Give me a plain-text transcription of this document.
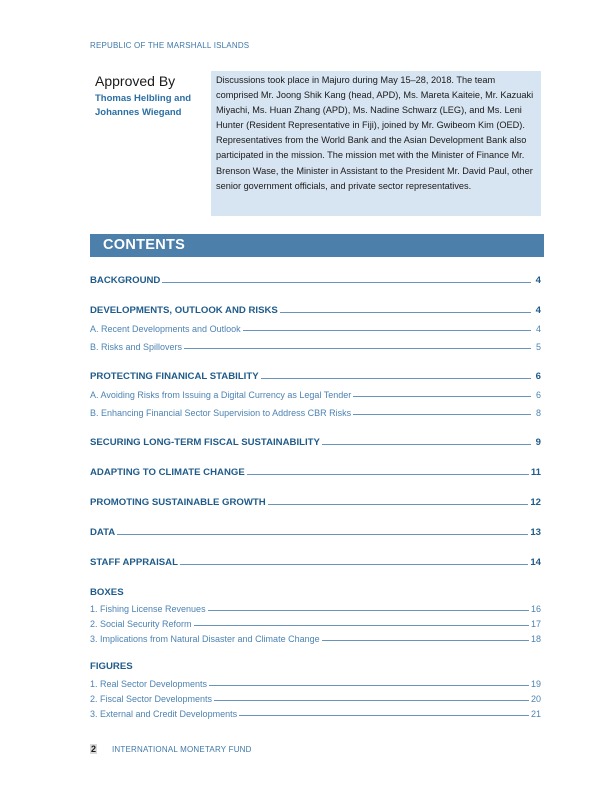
REPUBLIC OF THE MARSHALL ISLANDS
Approved By
Thomas Helbling and
Johannes Wiegand
Discussions took place in Majuro during May 15–28, 2018. The team comprised Mr. Joong Shik Kang (head, APD), Ms. Mareta Kaiteie, Mr. Kazuaki Miyachi, Ms. Huan Zhang (APD), Ms. Nadine Schwarz (LEG), and Ms. Leni Hunter (Resident Representative in Fiji), joined by Mr. Gwibeom Kim (OED). Representatives from the World Bank and the Asian Development Bank also participated in the mission. The mission met with the Minister of Finance Mr. Brenson Wase, the Minister in Assistant to the President Mr. David Paul, other senior government officials, and private sector representatives.
CONTENTS
BACKGROUND	4
DEVELOPMENTS, OUTLOOK AND RISKS	4
A. Recent Developments and Outlook	4
B. Risks and Spillovers	5
PROTECTING FINANICAL STABILITY	6
A. Avoiding Risks from Issuing a Digital Currency as Legal Tender	6
B. Enhancing Financial Sector Supervision to Address CBR Risks	8
SECURING LONG-TERM FISCAL SUSTAINABILITY	9
ADAPTING TO CLIMATE CHANGE	11
PROMOTING SUSTAINABLE GROWTH	12
DATA	13
STAFF APPRAISAL	14
BOXES
1. Fishing License Revenues	16
2. Social Security Reform	17
3. Implications from Natural Disaster and Climate Change	18
FIGURES
1. Real Sector Developments	19
2. Fiscal Sector Developments	20
3. External and Credit Developments	21
2 INTERNATIONAL MONETARY FUND
